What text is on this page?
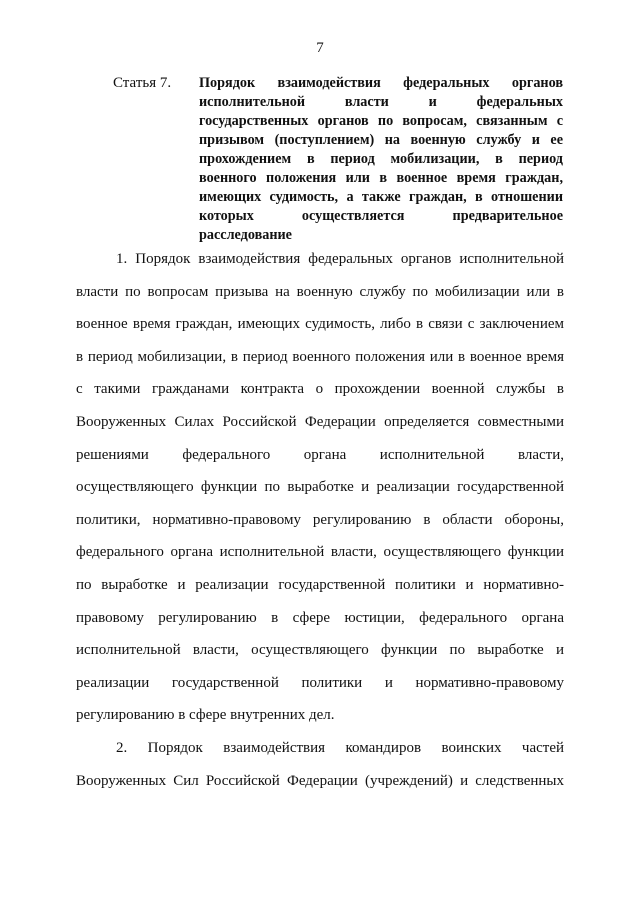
7
Статья 7. Порядок взаимодействия федеральных органов
исполнительной власти и федеральных
государственных органов по вопросам, связанным с
призывом (поступлением) на военную службу и ее
прохождением в период мобилизации, в период
военного положения или в военное время граждан,
имеющих судимость, а также граждан, в отношении
которых осуществляется предварительное
расследование
1. Порядок взаимодействия федеральных органов исполнительной
власти по вопросам призыва на военную службу по мобилизации или в
военное время граждан, имеющих судимость, либо в связи с заключением
в период мобилизации, в период военного положения или в военное время
с такими гражданами контракта о прохождении военной службы в
Вооруженных Силах Российской Федерации определяется совместными
решениями федерального органа исполнительной власти,
осуществляющего функции по выработке и реализации государственной
политики, нормативно-правовому регулированию в области обороны,
федерального органа исполнительной власти, осуществляющего функции
по выработке и реализации государственной политики и нормативно-
правовому регулированию в сфере юстиции, федерального органа
исполнительной власти, осуществляющего функции по выработке и
реализации государственной политики и нормативно-правовому
регулированию в сфере внутренних дел.
2. Порядок взаимодействия командиров воинских частей
Вооруженных Сил Российской Федерации (учреждений) и следственных
